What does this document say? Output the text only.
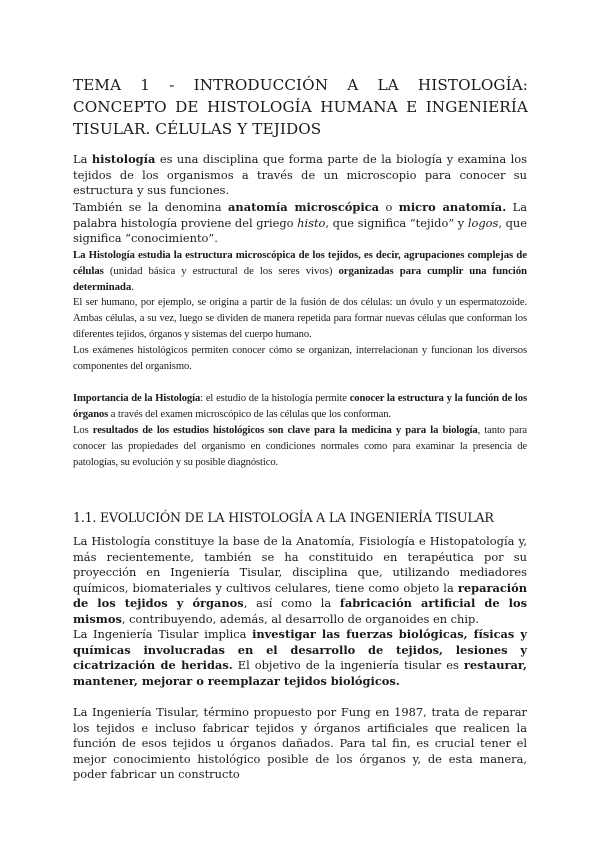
TEMA 1 - INTRODUCCIÓN A LA HISTOLOGÍA: CONCEPTO DE HISTOLOGÍA HUMANA E INGENIERÍA TISULAR. CÉLULAS Y TEJIDOS

La histología es una disciplina que forma parte de la biología y examina los tejidos de los organismos a través de un microscopio para conocer su estructura y sus funciones.

También se la denomina anatomía microscópica o micro anatomía. La palabra histología proviene del griego histo, que significa “tejido” y logos, que significa “conocimiento”.

La Histología estudia la estructura microscópica de los tejidos, es decir, agrupaciones complejas de células (unidad básica y estructural de los seres vivos) organizadas para cumplir una función determinada.

El ser humano, por ejemplo, se origina a partir de la fusión de dos células: un óvulo y un espermatozoide. Ambas células, a su vez, luego se dividen de manera repetida para formar nuevas células que conforman los diferentes tejidos, órganos y sistemas del cuerpo humano.

Los exámenes histológicos permiten conocer cómo se organizan, interrelacionan y funcionan los diversos componentes del organismo.

Importancia de la Histología: el estudio de la histología permite conocer la estructura y la función de los órganos a través del examen microscópico de las células que los conforman.

Los resultados de los estudios histológicos son clave para la medicina y para la biología, tanto para conocer las propiedades del organismo en condiciones normales como para examinar la presencia de patologías, su evolución y su posible diagnóstico.

1.1. EVOLUCIÓN DE LA HISTOLOGÍA A LA INGENIERÍA TISULAR

La Histología constituye la base de la Anatomía, Fisiología e Histopatología y, más recientemente, también se ha constituido en terapéutica por su proyección en Ingeniería Tisular, disciplina que, utilizando mediadores químicos, biomateriales y cultivos celulares, tiene como objeto la reparación de los tejidos y órganos, así como la fabricación artificial de los mismos, contribuyendo, además, al desarrollo de organoides en chip.

La Ingeniería Tisular implica investigar las fuerzas biológicas, físicas y químicas involucradas en el desarrollo de tejidos, lesiones y cicatrización de heridas. El objetivo de la ingeniería tisular es restaurar, mantener, mejorar o reemplazar tejidos biológicos.

La Ingeniería Tisular, término propuesto por Fung en 1987, trata de reparar los tejidos e incluso fabricar tejidos y órganos artificiales que realicen la función de esos tejidos u órganos dañados. Para tal fin, es crucial tener el mejor conocimiento histológico posible de los órganos y, de esta manera, poder fabricar un constructo
